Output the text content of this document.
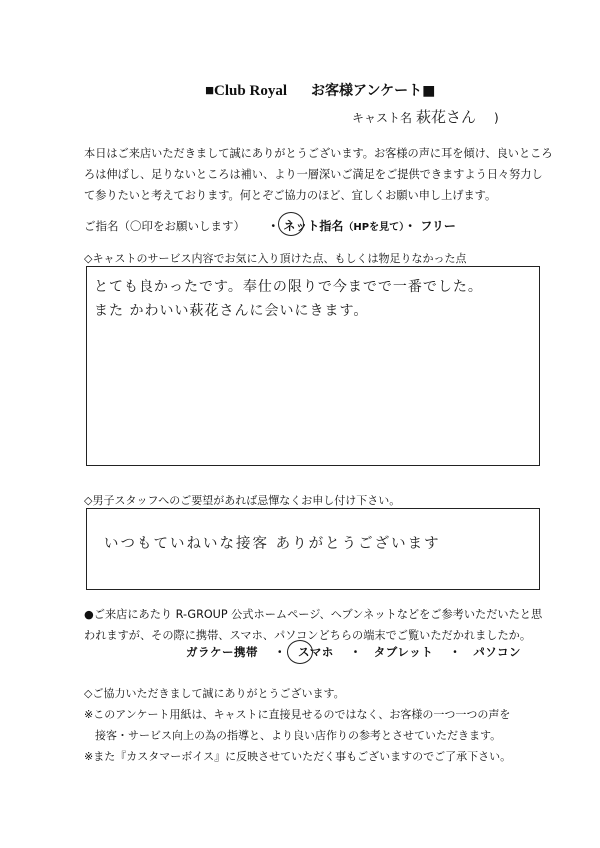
■Club Royal お客様アンケート■
キャスト名 萩花さん )
本日はご来店いただきまして誠にありがとうございます。お客様の声に耳を傾け、良いところ
ろは伸ばし、足りないところは補い、より一層深いご満足をご提供できますよう日々努力し
て参りたいと考えております。何とぞご協力のほど、宜しくお願い申し上げます。
ご指名（〇印をお願いします） ・ ネット指名（HPを見て）・ フリー
◇キャストのサービス内容でお気に入り頂けた点、もしくは物足りなかった点
とても良かったです。奉仕の限りで今までで一番でした。
また かわいい萩花さんに会いにきます。
◇男子スタッフへのご要望があれば忌憚なくお申し付け下さい。
いつもていねいな接客 ありがとうございます
●ご来店にあたり R-GROUP 公式ホームページ、ヘブンネットなどをご参考いただいたと思
われますが、その際に携帯、スマホ、パソコンどちらの端末でご覧いただかれましたか。
ガラケー携帯 ・ スマホ ・ タブレット ・ パソコン
◇ご協力いただきまして誠にありがとうございます。
※このアンケート用紙は、キャストに直接見せるのではなく、お客様の一つ一つの声を
　接客・サービス向上の為の指導と、より良い店作りの参考とさせていただきます。
※また『カスタマーボイス』に反映させていただく事もございますのでご了承下さい。
